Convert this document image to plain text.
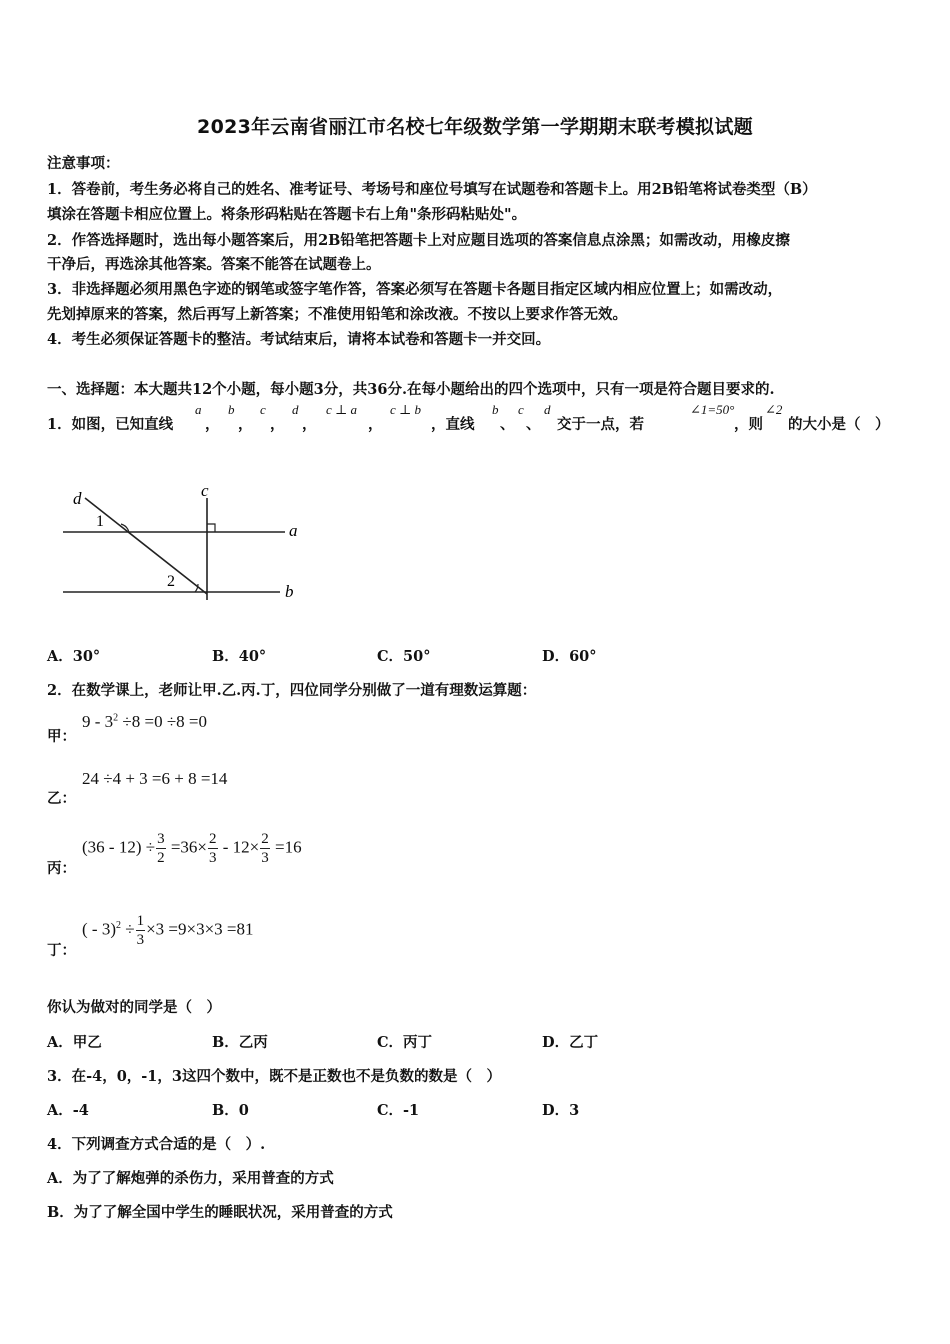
2023年云南省丽江市名校七年级数学第一学期期末联考模拟试题
注意事项：
1．答卷前，考生务必将自己的姓名、准考证号、考场号和座位号填写在试题卷和答题卡上。用2B铅笔将试卷类型（B）
填涂在答题卡相应位置上。将条形码粘贴在答题卡右上角"条形码粘贴处"。
2．作答选择题时，选出每小题答案后，用2B铅笔把答题卡上对应题目选项的答案信息点涂黑；如需改动，用橡皮擦
干净后，再选涂其他答案。答案不能答在试题卷上。
3．非选择题必须用黑色字迹的钢笔或签字笔作答，答案必须写在答题卡各题目指定区域内相应位置上；如需改动，
先划掉原来的答案，然后再写上新答案；不准使用铅笔和涂改液。不按以上要求作答无效。
4．考生必须保证答题卡的整洁。考试结束后，请将本试卷和答题卡一并交回。
一、选择题：本大题共12个小题，每小题3分，共36分.在每小题给出的四个选项中，只有一项是符合题目要求的.
1．如图，已知直线
a
，
b
，
c
，
d
，
c ⊥ a
，
c ⊥ b
，直线
b
、
c
、
d
交于一点，若
∠1=50°
，则
∠2
的大小是（　）
d	c
a
b
1
2
A．30°	B．40°	C．50°	D．60°
2．在数学课上，老师让甲.乙.丙.丁，四位同学分别做了一道有理数运算题：
甲：
$9 - 3^2 \div 8 =0 \div 8 =0$
乙：
24 ÷4 + 3 =6 + 8 =14
丙：
$(36 - 12) \div \frac{3}{2} =36\times \frac{2}{3} - 12\times \frac{2}{3} =16$
丁：
( - $3)^2 \div \frac{1}{3} \times 3 =9\times 3\times 3 =81$
你认为做对的同学是（　）
A．甲乙	B．乙丙	C．丙丁	D．乙丁
3．在-4，0，-1，3这四个数中，既不是正数也不是负数的数是（　）
A．-4	B．0	C．-1	D．3
4．下列调查方式合适的是（　）.
A．为了了解炮弹的杀伤力，采用普查的方式
B．为了了解全国中学生的睡眠状况，采用普查的方式
